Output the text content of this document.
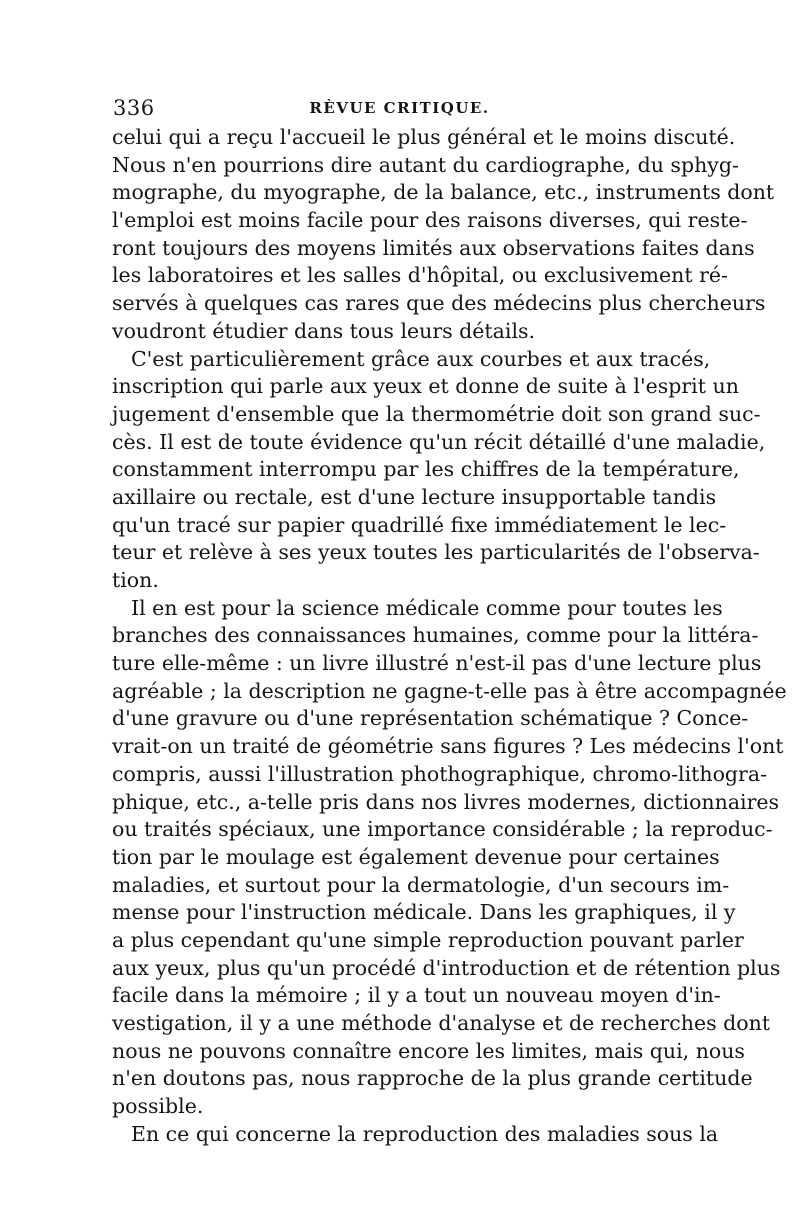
336	RÈVUE CRITIQUE.
celui qui a reçu l'accueil le plus général et le moins discuté.
Nous n'en pourrions dire autant du cardiographe, du sphyg-
mographe, du myographe, de la balance, etc., instruments dont
l'emploi est moins facile pour des raisons diverses, qui reste-
ront toujours des moyens limités aux observations faites dans
les laboratoires et les salles d'hôpital, ou exclusivement ré-
servés à quelques cas rares que des médecins plus chercheurs
voudront étudier dans tous leurs détails.
C'est particulièrement grâce aux courbes et aux tracés,
inscription qui parle aux yeux et donne de suite à l'esprit un
jugement d'ensemble que la thermométrie doit son grand suc-
cès. Il est de toute évidence qu'un récit détaillé d'une maladie,
constamment interrompu par les chiffres de la température,
axillaire ou rectale, est d'une lecture insupportable tandis
qu'un tracé sur papier quadrillé fixe immédiatement le lec-
teur et relève à ses yeux toutes les particularités de l'observa-
tion.
Il en est pour la science médicale comme pour toutes les
branches des connaissances humaines, comme pour la littéra-
ture elle-même : un livre illustré n'est-il pas d'une lecture plus
agréable ; la description ne gagne-t-elle pas à être accompagnée
d'une gravure ou d'une représentation schématique ? Conce-
vrait-on un traité de géométrie sans figures ? Les médecins l'ont
compris, aussi l'illustration phothographique, chromo-lithogra-
phique, etc., a-telle pris dans nos livres modernes, dictionnaires
ou traités spéciaux, une importance considérable ; la reproduc-
tion par le moulage est également devenue pour certaines
maladies, et surtout pour la dermatologie, d'un secours im-
mense pour l'instruction médicale. Dans les graphiques, il y
a plus cependant qu'une simple reproduction pouvant parler
aux yeux, plus qu'un procédé d'introduction et de rétention plus
facile dans la mémoire ; il y a tout un nouveau moyen d'in-
vestigation, il y a une méthode d'analyse et de recherches dont
nous ne pouvons connaître encore les limites, mais qui, nous
n'en doutons pas, nous rapproche de la plus grande certitude
possible.
En ce qui concerne la reproduction des maladies sous la
